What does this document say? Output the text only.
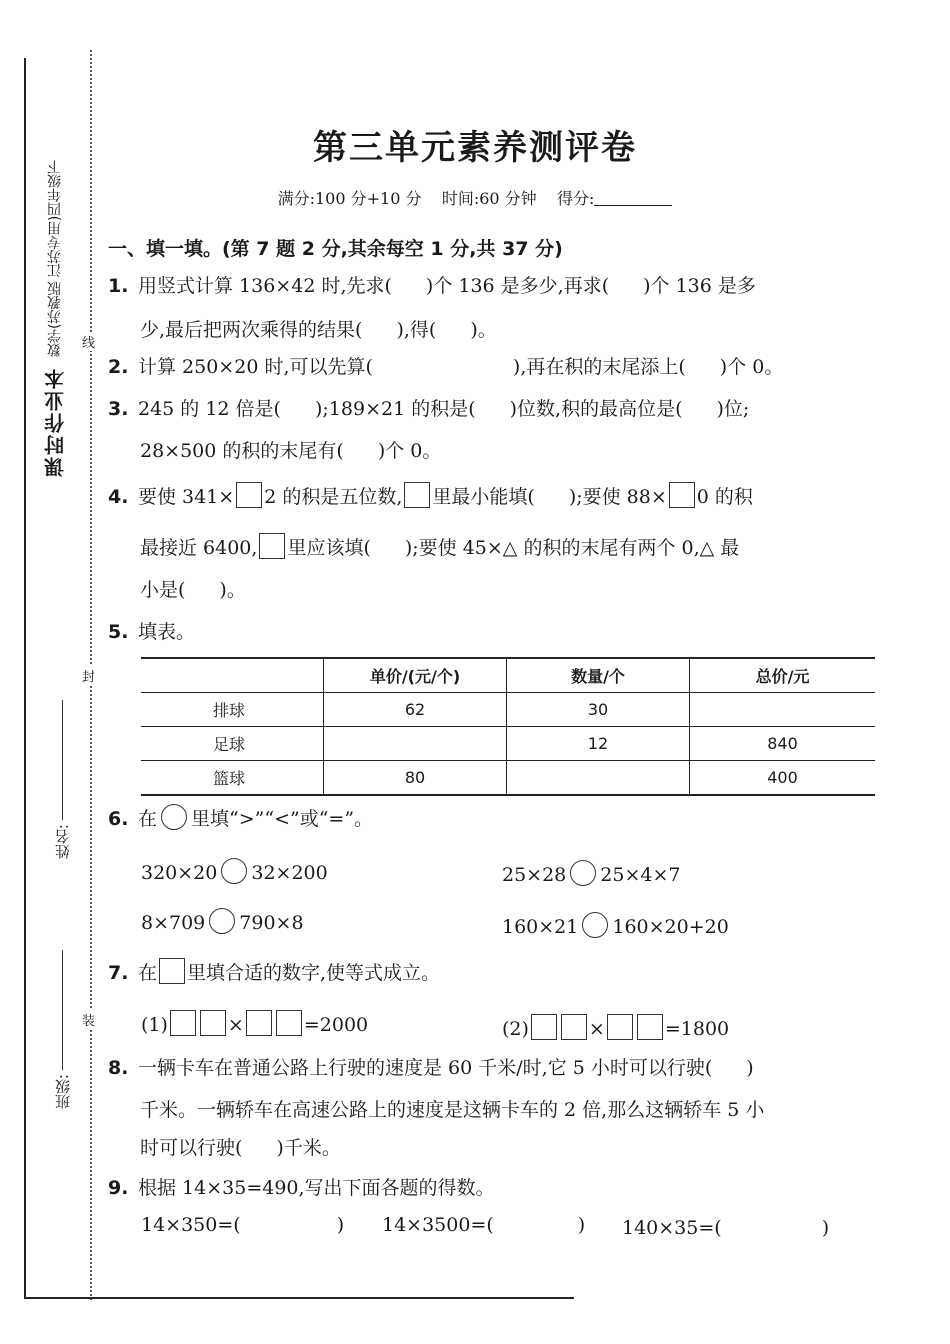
课时作业本
数学(苏教版 江苏专用)四年级下 线
封
装
姓名:
班级:
第三单元素养测评卷
满分:100 分+10 分 时间:60 分钟 得分:
一、填一填。(第 7 题 2 分,其余每空 1 分,共 37 分)
1. 用竖式计算 136×42 时,先求( )个 136 是多少,再求( )个 136 是多
少,最后把两次乘得的结果( ),得( )。
2. 计算 250×20 时,可以先算(	),再在积的末尾添上( )个 0。
3. 245 的 12 倍是( );189×21 的积是( )位数,积的最高位是( )位;
28×500 的积的末尾有( )个 0。
4. 要使 341× 2 的积是五位数, 里最小能填( );要使 88× 0 的积
最接近 6400, 里应该填( );要使 45×△ 的积的末尾有两个 0,△ 最
小是( )。
5. 填表。
	单价/(元/个)	数量/个	总价/元
排球	62	30	
足球		12	840
篮球	80		400
6. 在 里填“>”“<”或“=”。
320×20 32×200	25×28 25×4×7
8×709 790×8	160×21 160×20+20
7. 在 里填合适的数字,使等式成立。
(1)	×	=2000	(2)	×	=1800
8. 一辆卡车在普通公路上行驶的速度是 60 千米/时,它 5 小时可以行驶( )
千米。一辆轿车在高速公路上的速度是这辆卡车的 2 倍,那么这辆轿车 5 小
时可以行驶( )千米。
9. 根据 14×35=490,写出下面各题的得数。
14×350=(	) 14×3500=(	) 140×35=(	)
